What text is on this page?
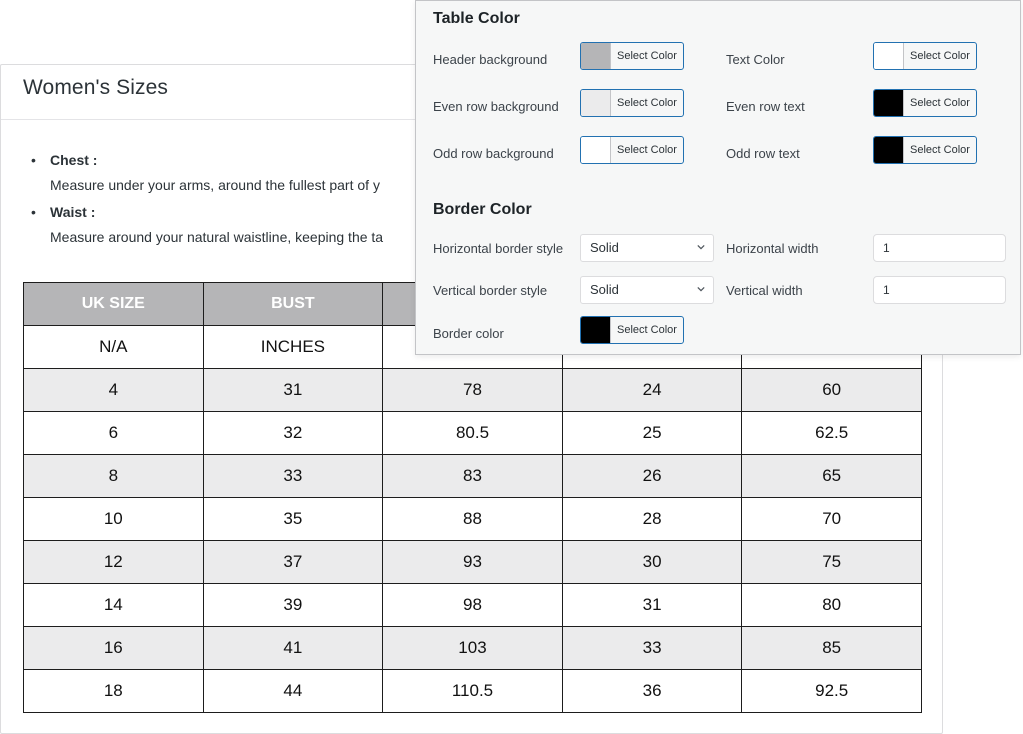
Women's Sizes
• Chest :
Measure under your arms, around the fullest part of y
• Waist :
Measure around your natural waistline, keeping the ta
UK SIZE	BUST			
N/A	INCHES			
4	31	78	24	60
6	32	80.5	25	62.5
8	33	83	26	65
10	35	88	28	70
12	37	93	30	75
14	39	98	31	80
16	41	103	33	85
18	44	110.5	36	92.5
Table Color
Header background	Select Color	Text Color	Select Color
Even row background	Select Color	Even row text	Select Color
Odd row background	Select Color	Odd row text	Select Color
Border Color
Horizontal border style	Solid	Horizontal width	1
Vertical border style	Solid	Vertical width	1
Border color	Select Color
